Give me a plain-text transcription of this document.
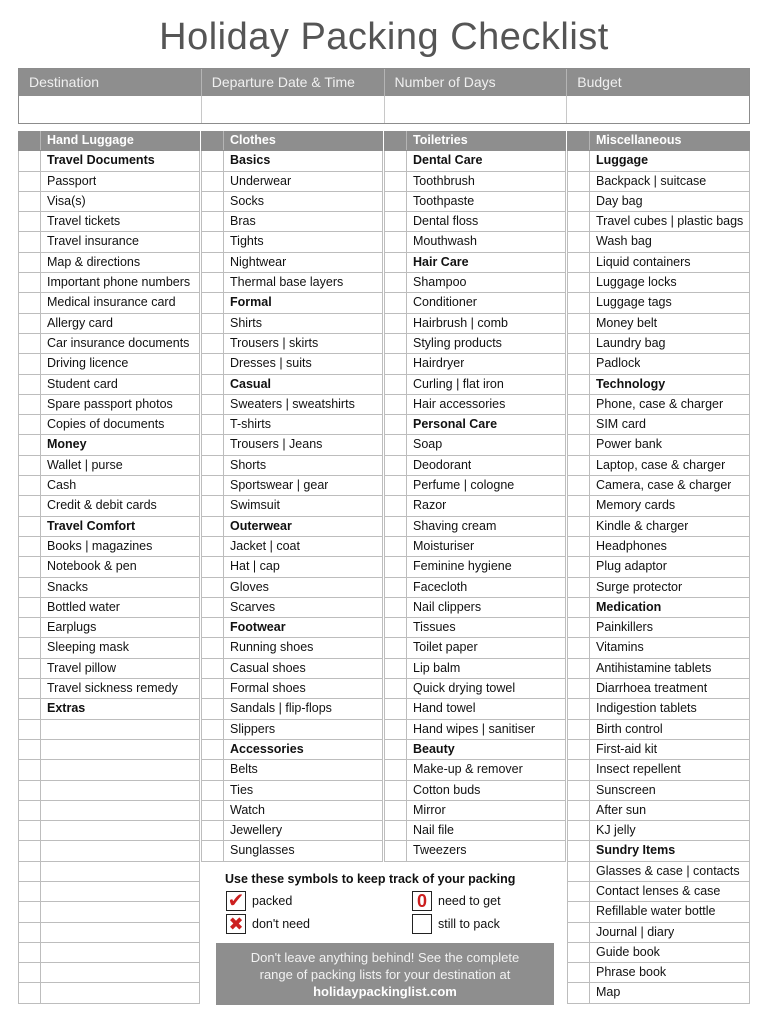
Holiday Packing Checklist
Destination	Departure Date & Time	Number of Days	Budget
Hand Luggage
Travel Documents
Passport
Visa(s)
Travel tickets
Travel insurance
Map & directions
Important phone numbers
Medical insurance card
Allergy card
Car insurance documents
Driving licence
Student card
Spare passport photos
Copies of documents
Money
Wallet | purse
Cash
Credit & debit cards
Travel Comfort
Books | magazines
Notebook & pen
Snacks
Bottled water
Earplugs
Sleeping mask
Travel pillow
Travel sickness remedy
Extras
Clothes
Basics
Underwear
Socks
Bras
Tights
Nightwear
Thermal base layers
Formal
Shirts
Trousers | skirts
Dresses | suits
Casual
Sweaters | sweatshirts
T-shirts
Trousers | Jeans
Shorts
Sportswear | gear
Swimsuit
Outerwear
Jacket | coat
Hat | cap
Gloves
Scarves
Footwear
Running shoes
Casual shoes
Formal shoes
Sandals | flip-flops
Slippers
Accessories
Belts
Ties
Watch
Jewellery
Sunglasses
Toiletries
Dental Care
Toothbrush
Toothpaste
Dental floss
Mouthwash
Hair Care
Shampoo
Conditioner
Hairbrush | comb
Styling products
Hairdryer
Curling | flat iron
Hair accessories
Personal Care
Soap
Deodorant
Perfume | cologne
Razor
Shaving cream
Moisturiser
Feminine hygiene
Facecloth
Nail clippers
Tissues
Toilet paper
Lip balm
Quick drying towel
Hand towel
Hand wipes | sanitiser
Beauty
Make-up & remover
Cotton buds
Mirror
Nail file
Tweezers
Miscellaneous
Luggage
Backpack | suitcase
Day bag
Travel cubes | plastic bags
Wash bag
Liquid containers
Luggage locks
Luggage tags
Money belt
Laundry bag
Padlock
Technology
Phone, case & charger
SIM card
Power bank
Laptop, case & charger
Camera, case & charger
Memory cards
Kindle & charger
Headphones
Plug adaptor
Surge protector
Medication
Painkillers
Vitamins
Antihistamine tablets
Diarrhoea treatment
Indigestion tablets
Birth control
First-aid kit
Insect repellent
Sunscreen
After sun
KJ jelly
Sundry Items
Glasses & case | contacts
Contact lenses & case
Refillable water bottle
Journal | diary
Guide book
Phrase book
Map
Use these symbols to keep track of your packing
✔
packed
0	need to get
✖
don't need	still to pack
Don't leave anything behind! See the complete
range of packing lists for your destination at
holidaypackinglist.com
